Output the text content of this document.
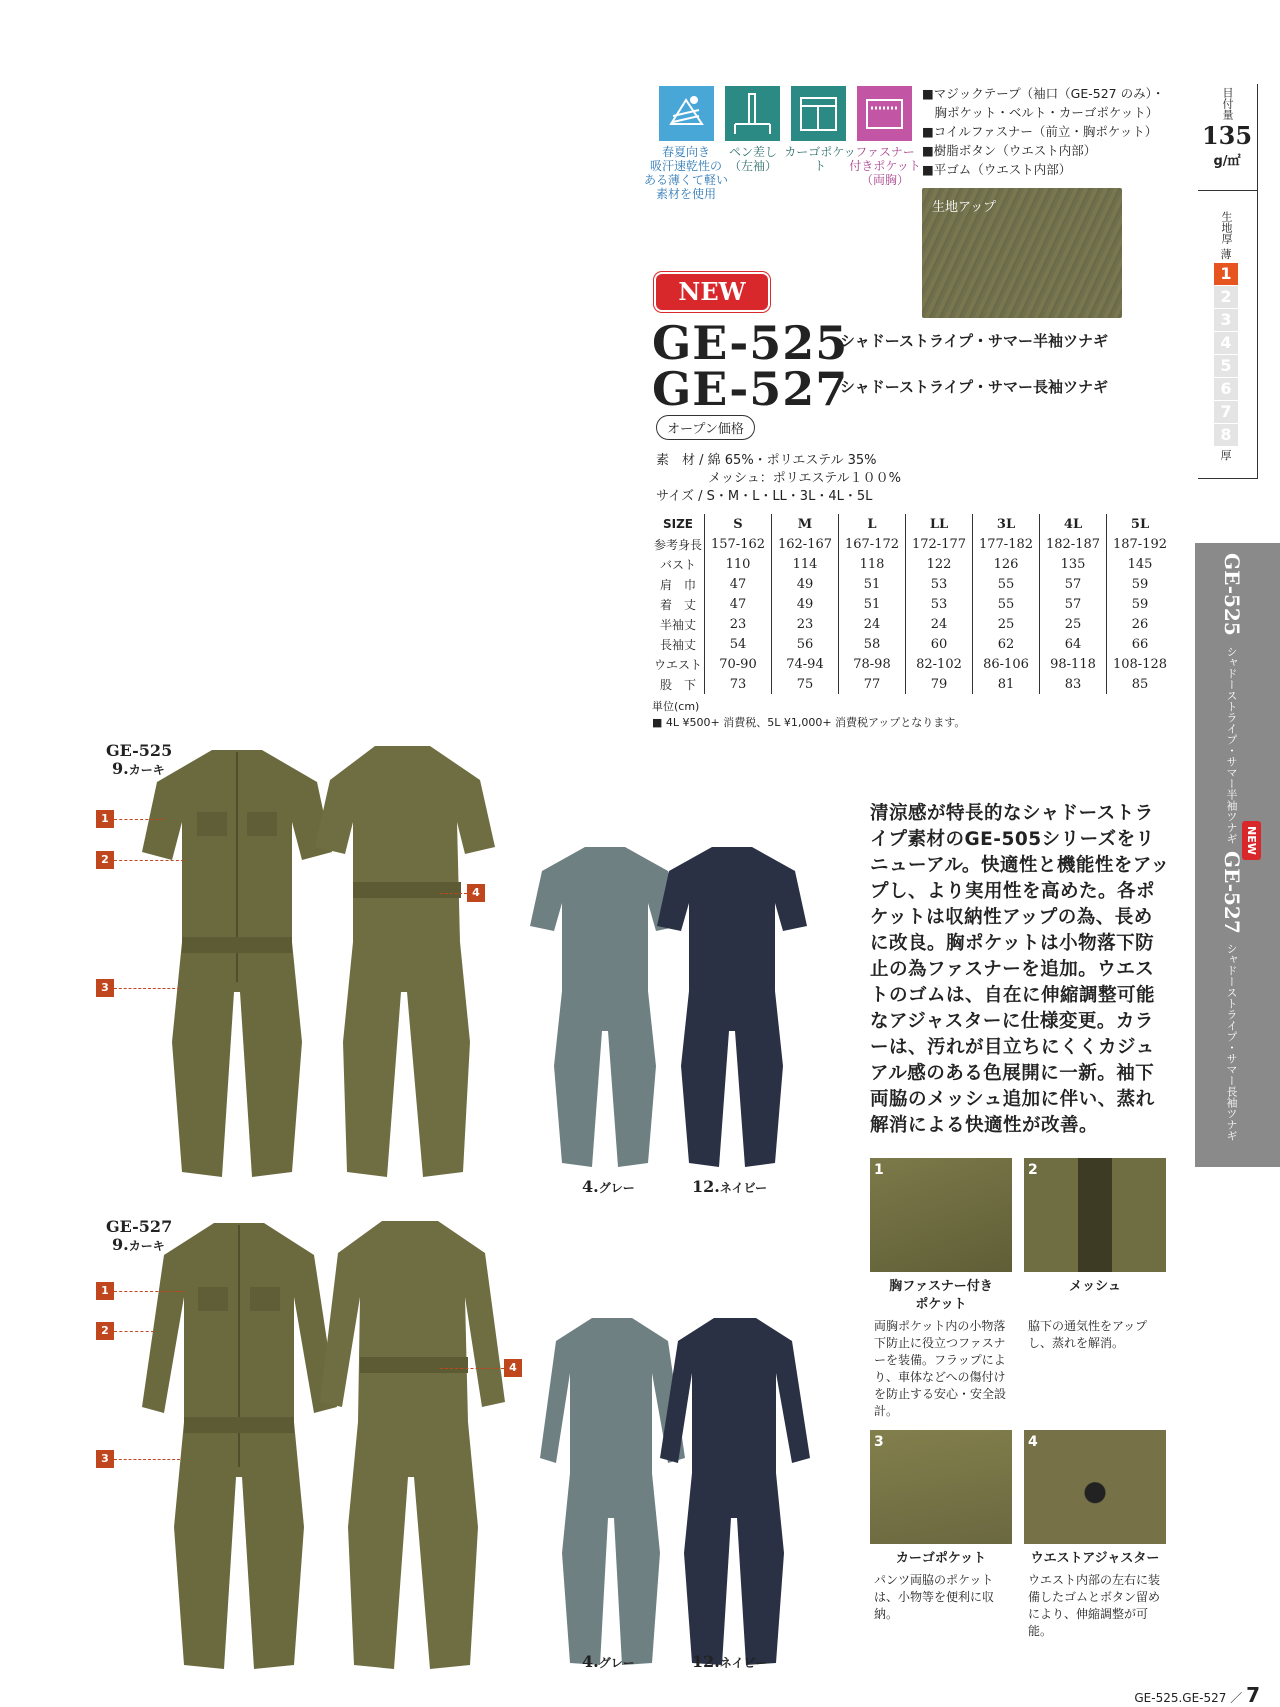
春夏向き
吸汗速乾性の
ある薄くて軽い
素材を使用
ペン差し
（左袖）
カーゴポケット
ファスナー
付きポケット
（両胸）
■マジックテープ（袖口（GE-527 のみ）・
　胸ポケット・ベルト・カーゴポケット）
■コイルファスナー（前立・胸ポケット）
■樹脂ボタン（ウエスト内部）
■平ゴム（ウエスト内部）
生地アップ
目付量
135
g/㎡
生地厚
薄
1
2
3
4
5
6
7
8
厚
NEW
GE-525
シャドーストライプ・サマー半袖ツナギ
GE-527
シャドーストライプ・サマー長袖ツナギ
オープン価格
素　材 / 綿 65%・ポリエステル 35%
メッシュ：ポリエステル１００%
サイズ / S・M・L・LL・3L・4L・5L
SIZE	S	M	L	LL	3L	4L	5L
参考身長	157-162	162-167	167-172	172-177	177-182	182-187	187-192
バスト	110	114	118	122	126	135	145
肩　巾	47	49	51	53	55	57	59
着　丈	47	49	51	53	55	57	59
半袖丈	23	23	24	24	25	25	26
長袖丈	54	56	58	60	62	64	66
ウエスト	70-90	74-94	78-98	82-102	86-106	98-118	108-128
股　下	73	75	77	79	81	83	85
単位(cm)
■ 4L ¥500+ 消費税、5L ¥1,000+ 消費税アップとなります。
GE-525
シャドーストライプ・サマー半袖ツナギ NEW
GE-527
シャドーストライプ・サマー長袖ツナギ
GE-525
9.カーキ
1
2
3
4
4.グレー	12.ネイビー
GE-527
9.カーキ
1
2
3
4
4.グレー	12.ネイビー
清涼感が特長的なシャドーストライプ素材のGE-505シリーズをリニューアル。快適性と機能性をアップし、より実用性を高めた。各ポケットは収納性アップの為、長めに改良。胸ポケットは小物落下防止の為ファスナーを追加。ウエストのゴムは、自在に伸縮調整可能なアジャスターに仕様変更。カラーは、汚れが目立ちにくくカジュアル感のある色展開に一新。袖下両脇のメッシュ追加に伴い、蒸れ解消による快適性が改善。
1	2
胸ファスナー付き
ポケット
メッシュ
両胸ポケット内の小物落下防止に役立つファスナーを装備。フラップにより、車体などへの傷付けを防止する安心・安全設計。
脇下の通気性をアップし、蒸れを解消。
3	4
カーゴポケット	ウエストアジャスター
パンツ両脇のポケットは、小物等を便利に収納。
ウエスト内部の左右に装備したゴムとボタン留めにより、伸縮調整が可能。
GE-525.GE-527 ／ 7
